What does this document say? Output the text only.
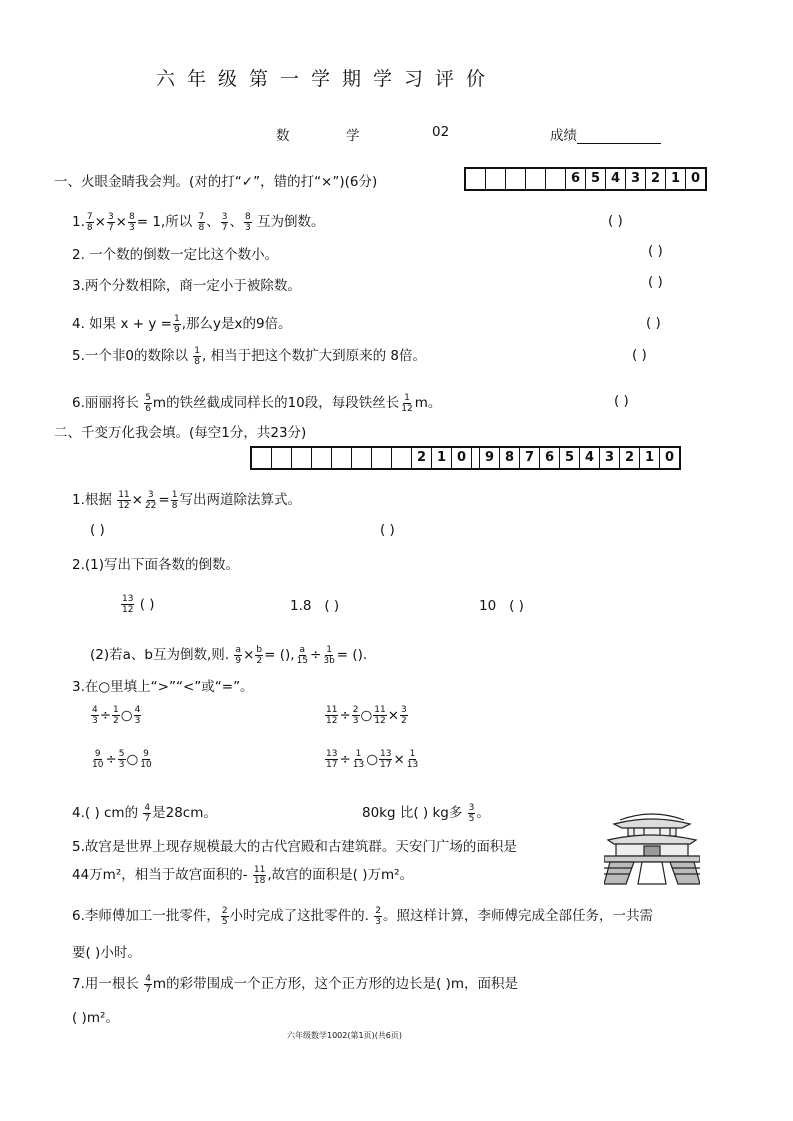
六年级第一学期学习评价
数	学	02	成绩
一、火眼金睛我会判。(对的打“✓”，错的打“×”)(6分)	6 5 4 3 2 1 0
1. $\frac{7}{8} \times \frac{3}{7} \times \frac{8}{3} = 1$,所以 $\frac{7}{8}$ 、 $\frac{3}{7}$ 、 $\frac{8}{3}$ 互为倒数。	( )
2. 一个数的倒数一定比这个数小。	( )
3.两个分数相除，商一定小于被除数。	( )
4. 如果 $x + y = \frac{1}{9}$ ,那么y是x的9倍。	( )
5.一个非0的数除以 $\frac{1}{8}$ , 相当于把这个数扩大到原来的 8倍。	( )
6.丽丽将长 $\frac{5}{6}$ m的铁丝截成同样长的10段，每段铁丝长 $\frac{1}{12}$ m。	( )
二、千变万化我会填。(每空1分，共23分)
2 1 0	9 8 7 6 5 4 3 2 1 0
1.根据 $\frac{11}{12} \times \frac{3}{22} = \frac{1}{8}$ 写出两道除法算式。
( )	( )
2.(1)写出下面各数的倒数。
$\frac{13}{12}$ ( )	1.8 ( )	10 ( )
(2)若a、b互为倒数,则. $\frac{a}{9} \times \frac{b}{2}$ = (), $\frac{a}{15} \div \frac{1}{3b}$ = ().
3.在○里填上“>”“<”或“=”。
$\frac{4}{3} \div \frac{1}{2}$ ○ $\frac{4}{3}$	$\frac{11}{12} \div \frac{2}{3}$ ○ $\frac{11}{12} \times \frac{3}{2}$
$\frac{9}{10} \div \frac{5}{3}$ ○ $\frac{9}{10}$	$\frac{13}{17} \div \frac{1}{13}$ ○ $\frac{13}{17} \times \frac{1}{13}$
4.( ) cm的 $\frac{4}{7}$ 是28cm。	80kg 比( ) kg多 $\frac{3}{5}$ 。
5.故宫是世界上现存规模最大的古代宫殿和古建筑群。天安门广场的面积是
44万m²，相当于故宫面积的- $\frac{11}{18}$ ,故宫的面积是( )万m²。
6.李师傅加工一批零件， $\frac{2}{5}$ 小时完成了这批零件的. $\frac{2}{3}$ 。照这样计算，李师傅完成全部任务，一共需
要( )小时。
7.用一根长 $\frac{4}{7}$ m的彩带围成一个正方形，这个正方形的边长是( )m，面积是
( )m²。
六年级数学1002(第1页)(共6页)
